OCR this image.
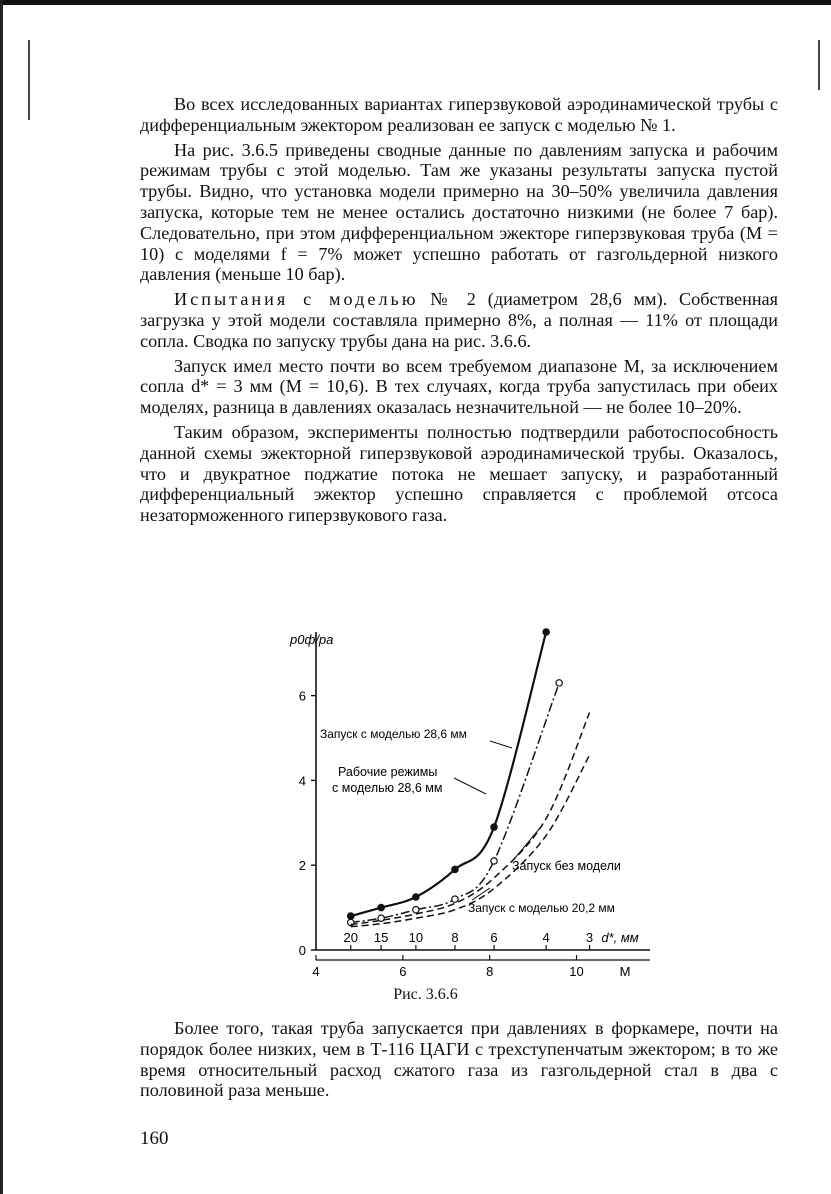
Во всех исследованных вариантах гиперзвуковой аэродинамической трубы с дифференциальным эжектором реализован ее запуск с моделью № 1.

На рис. 3.6.5 приведены сводные данные по давлениям запуска и рабочим режимам трубы с этой моделью. Там же указаны результаты запуска пустой трубы. Видно, что установка модели примерно на 30–50% увеличила давления запуска, которые тем не менее остались достаточно низкими (не более 7 бар). Следовательно, при этом дифференциальном эжекторе гиперзвуковая труба (М = 10) с моделями f = 7% может успешно работать от газгольдерной низкого давления (меньше 10 бар).

Испытания с моделью № 2 (диаметром 28,6 мм). Собственная загрузка у этой модели составляла примерно 8%, а полная — 11% от площади сопла. Сводка по запуску трубы дана на рис. 3.6.6.

Запуск имел место почти во всем требуемом диапазоне М, за исключением сопла d* = 3 мм (М = 10,6). В тех случаях, когда труба запустилась при обеих моделях, разница в давлениях оказалась незначительной — не более 10–20%.

Таким образом, эксперименты полностью подтвердили работоспособность данной схемы эжекторной гиперзвуковой аэродинамической трубы. Оказалось, что и двукратное поджатие потока не мешает запуску, и разработанный дифференциальный эжектор успешно справляется с проблемой отсоса незаторможенного гиперзвукового газа.

0
2
4
6
p0ф/pa
20 15 10 8 6	4	3 d*, мм
4	6	8	10	M
Запуск с моделью 28,6 мм
Рабочие режимы
с моделью 28,6 мм
Запуск без модели
Запуск с моделью 20,2 мм
Рис. 3.6.6

Более того, такая труба запускается при давлениях в форкамере, почти на порядок более низких, чем в Т-116 ЦАГИ с трехступенчатым эжектором; в то же время относительный расход сжатого газа из газгольдерной стал в два с половиной раза меньше.

160
